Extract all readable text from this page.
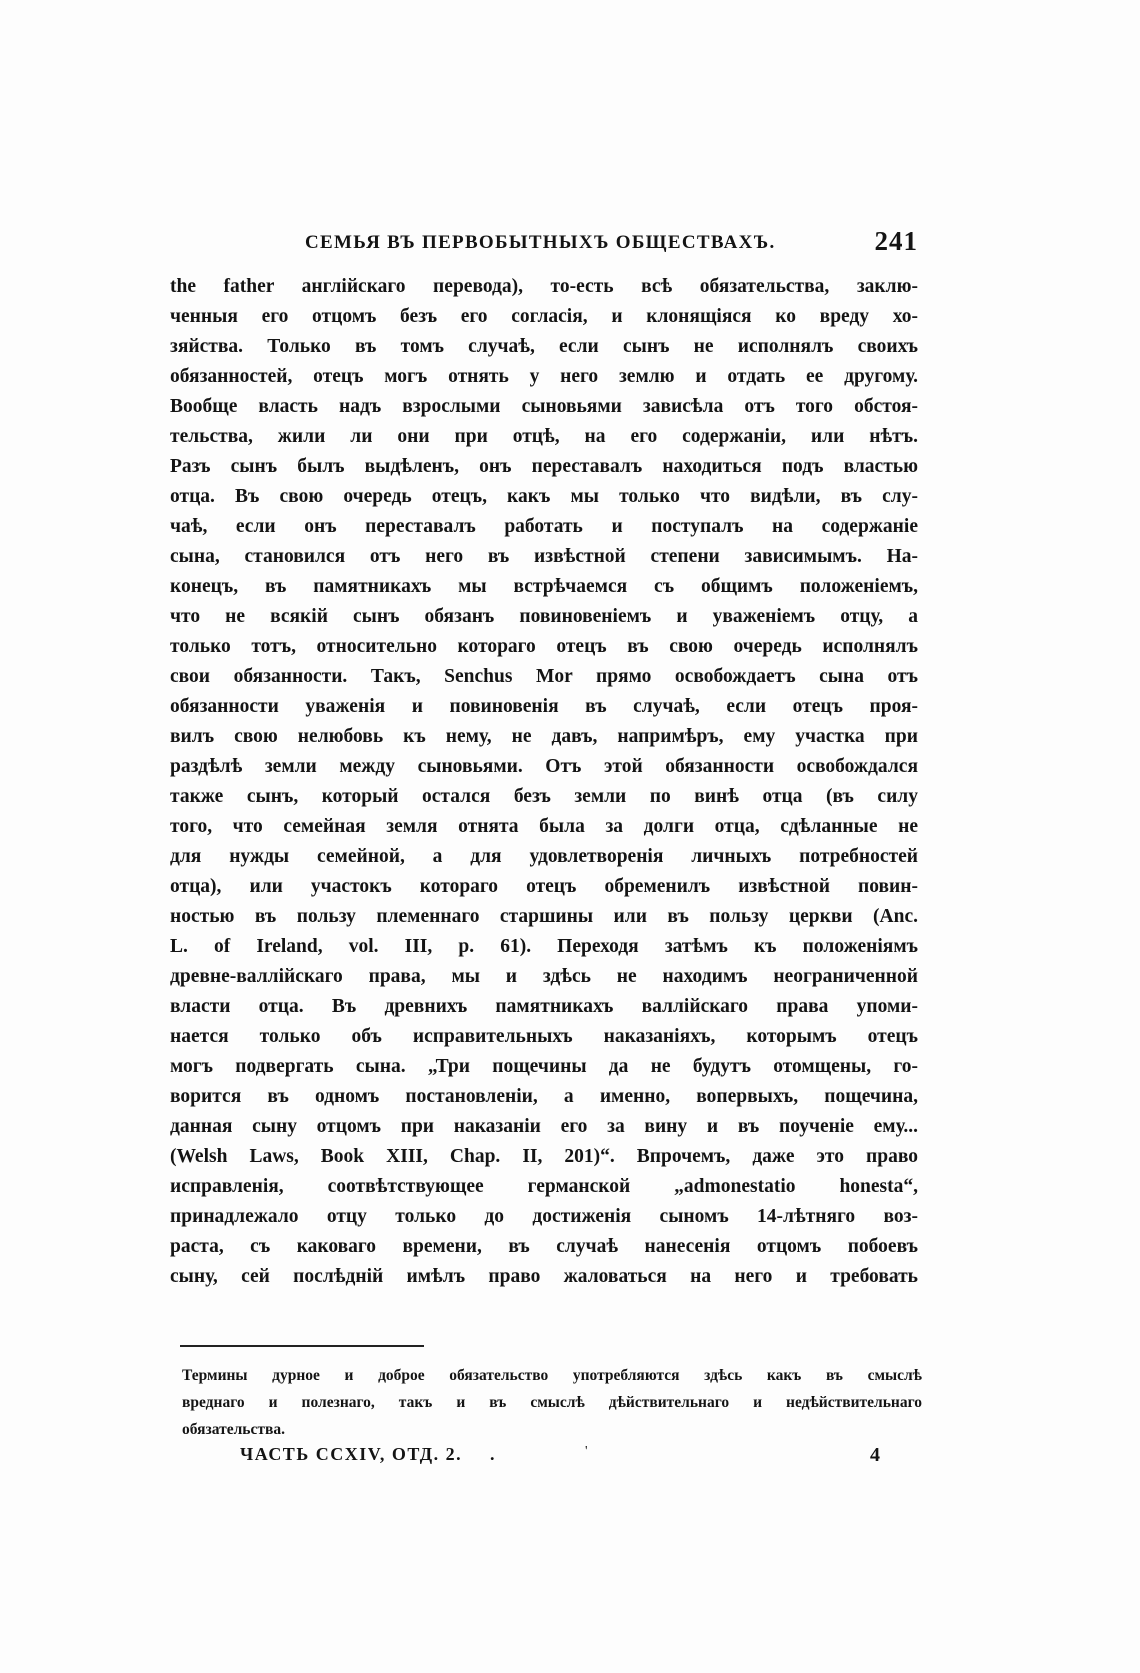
СЕМЬЯ ВЪ ПЕРВОБЫТНЫХЪ ОБЩЕСТВАХЪ.	241
the father англійскаго перевода), то-есть всѣ обязательства, заклю-
ченныя его отцомъ безъ его согласія, и клонящіяся ко вреду хо-
зяйства. Только въ томъ случаѣ, если сынъ не исполнялъ своихъ
обязанностей, отецъ могъ отнять у него землю и отдать ее другому.
Вообще власть надъ взрослыми сыновьями зависѣла отъ того обстоя-
тельства, жили ли они при отцѣ, на его содержаніи, или нѣтъ.
Разъ сынъ былъ выдѣленъ, онъ переставалъ находиться подъ властью
отца. Въ свою очередь отецъ, какъ мы только что видѣли, въ слу-
чаѣ, если онъ переставалъ работать и поступалъ на содержаніе
сына, становился отъ него въ извѣстной степени зависимымъ. На-
конецъ, въ памятникахъ мы встрѣчаемся съ общимъ положеніемъ,
что не всякій сынъ обязанъ повиновеніемъ и уваженіемъ отцу, а
только тотъ, относительно котораго отецъ въ свою очередь исполнялъ
свои обязанности. Такъ, Senchus Mor прямо освобождаетъ сына отъ
обязанности уваженія и повиновенія въ случаѣ, если отецъ проя-
вилъ свою нелюбовь къ нему, не давъ, напримѣръ, ему участка при
раздѣлѣ земли между сыновьями. Отъ этой обязанности освобождался
также сынъ, который остался безъ земли по винѣ отца (въ силу
того, что семейная земля отнята была за долги отца, сдѣланные не
для нужды семейной, а для удовлетворенія личныхъ потребностей
отца), или участокъ котораго отецъ обременилъ извѣстной повин-
ностью въ пользу племеннаго старшины или въ пользу церкви (Anc.
L. of Ireland, vol. III, p. 61). Переходя затѣмъ къ положеніямъ
древне-валлійскаго права, мы и здѣсь не находимъ неограниченной
власти отца. Въ древнихъ памятникахъ валлійскаго права упоми-
нается только объ исправительныхъ наказаніяхъ, которымъ отецъ
могъ подвергать сына. „Три пощечины да не будутъ отомщены, го-
ворится въ одномъ постановленіи, а именно, вопервыхъ, пощечина,
данная сыну отцомъ при наказаніи его за вину и въ поученіе ему...
(Welsh Laws, Book XIII, Chap. II, 201)“. Впрочемъ, даже это право
исправленія, соотвѣтствующее германской „admonestatio honesta“,
принадлежало отцу только до достиженія сыномъ 14-лѣтняго воз-
раста, съ каковаго времени, въ случаѣ нанесенія отцомъ побоевъ
сыну, сей послѣдній имѣлъ право жаловаться на него и требовать
Термины дурное и доброе обязательство употребляются здѣсь какъ въ смыслѣ
вреднаго и полезнаго, такъ и въ смыслѣ дѣйствительнаго и недѣйствительнаго
обязательства.
ЧАСТЬ CCXIV, ОТД. 2. .	'	4
